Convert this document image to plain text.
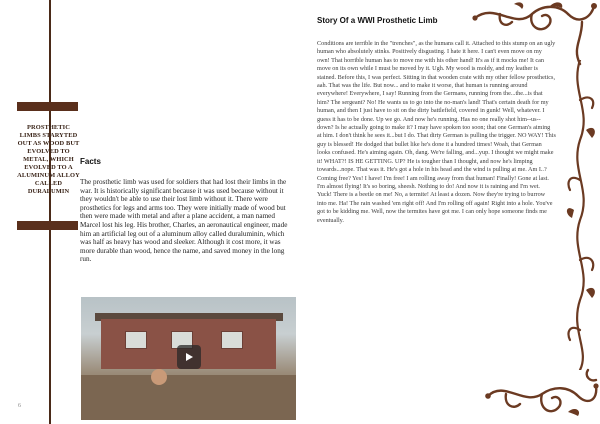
PROSTHETIC LIMBS STARYTED OUT AS WOOD BUT EVOLVED TO METAL, WHICH EVOLVED TO A ALUMINUM ALLOY CALLED DURALUMIN
6
Facts
The prosthetic limb was used for soldiers that had lost their limbs in the war. It is historically significant because it was used because without it they wouldn't be able to use their lost limb without it. There were prosthetics for legs and arms too. They were initially made of wood but then were made with metal and after a plane accident, a man named Marcel lost his leg. His brother, Charles, an aeronautical engineer, made him an artificial leg out of a aluminum alloy called duraluminin, which was half as heavy has wood and sleeker. Although it cost more, it was more durable than wood, hence the name, and saved money in the long run.
Story Of a WWI Prosthetic Limb
Conditions are terrible in the "trenches", as the humans call it. Attached to this stump on an ugly human who absolutely stinks. Positively disgusting. I hate it here. I can't even move on my own! That horrible human has to move me with his other hand! It's as if it mocks me! It can move on its own while I must be moved by it. Ugh. My wood is moldy, and my leather is stained. Before this, I was perfect. Sitting in that wooden crate with my other fellow prosthetics, aah. That was the life. But now... and to make it worse, that human is running around everywhere! Everywhere, I say! Running from the Germans, running from the...the...is that him? The sergeant? No! He wants us to go into the no-man's land! That's certain death for my human, and then I just have to sit on the dirty battlefield, covered in gunk! Well, whatever. I guess it has to be done. Up we go. And now he's running. Has no one really shot him--us--down? Is he actually going to make it? I may have spoken too soon; that one German's aiming at him. I don't think he sees it...but I do. That dirty German is pulling the trigger. NO WAY! This guy is blessed! He dodged that bullet like he's done it a hundred times! Woah, that German looks confused. He's aiming again. Oh, dang. We're falling, and...yup. I thought we might make it! WHAT?! IS HE GETTING. UP? He is tougher than I thought, and now he's limping towards...nope. That was it. He's got a hole in his head and the wind is pulling at me. Am I..? Coming free? Yes! I have! I'm free! I am rolling away from that human! Finally! Gone at last. I'm almost flying! It's so boring, sheesh. Nothing to do! And now it is raining and I'm wet. Yuck! There is a beetle on me! No, a termite! At least a dozen. Now they're trying to burrow into me. Ha! The rain washed 'em right off! And I'm rolling off again! Right into a hole. You've got to be kidding me. Well, now the termites have got me. I can only hope someone finds me eventually.
